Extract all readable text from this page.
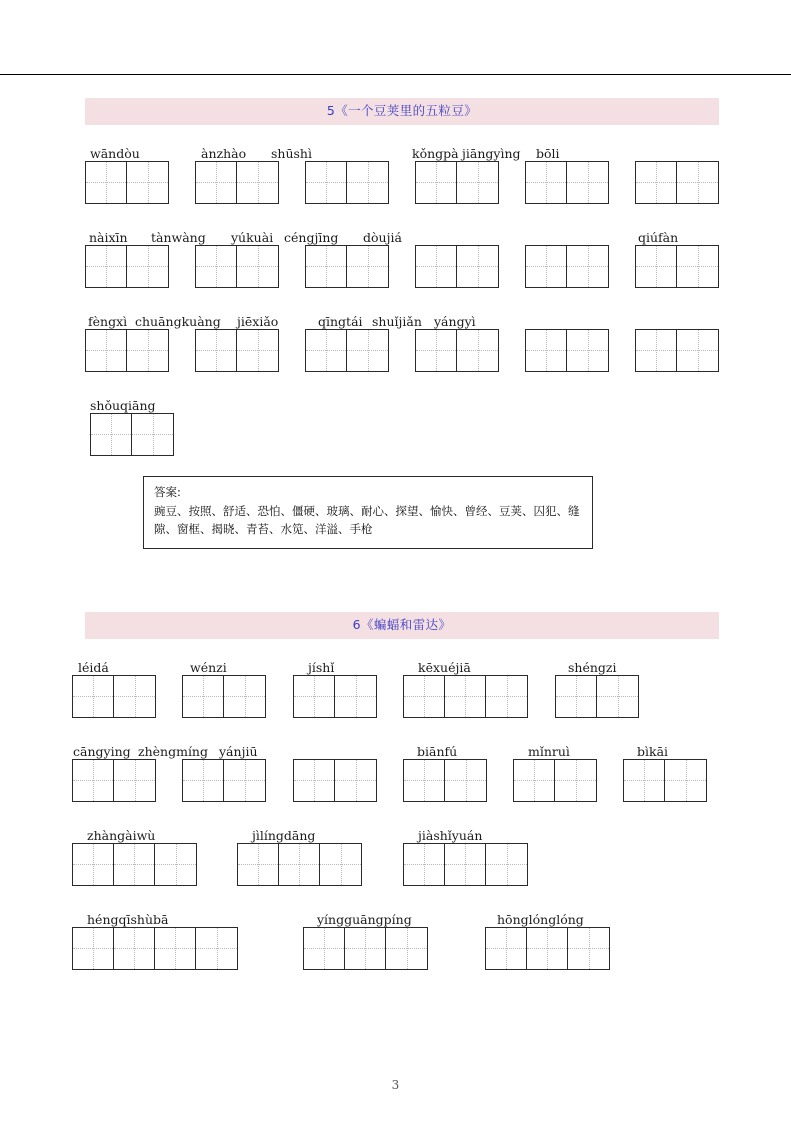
5《一个豆荚里的五粒豆》
wāndòu	ànzhào shūshì	kǒngpà jiāngyìng bōli
nàixīn tànwàng yúkuài céngjīng dòujiá	qiúfàn
fèngxì chuāngkuàng jiēxiǎo	qīngtái shuǐjiǎn yángyì
shǒuqiāng
答案:
豌豆、按照、舒适、恐怕、僵硬、玻璃、耐心、探望、愉快、曾经、豆荚、囚犯、缝隙、窗框、揭晓、青苔、水笕、洋溢、手枪
6《蝙蝠和雷达》
léidá	wénzi	jíshǐ	kēxuéjiā	shéngzi
cāngying zhèngmíng yánjiū	biānfú	mǐnruì	bìkāi
zhàngàiwù	jìlíngdāng	jiàshǐyuán
héngqīshùbā	yíngguāngpíng	hōnglónglóng
3
